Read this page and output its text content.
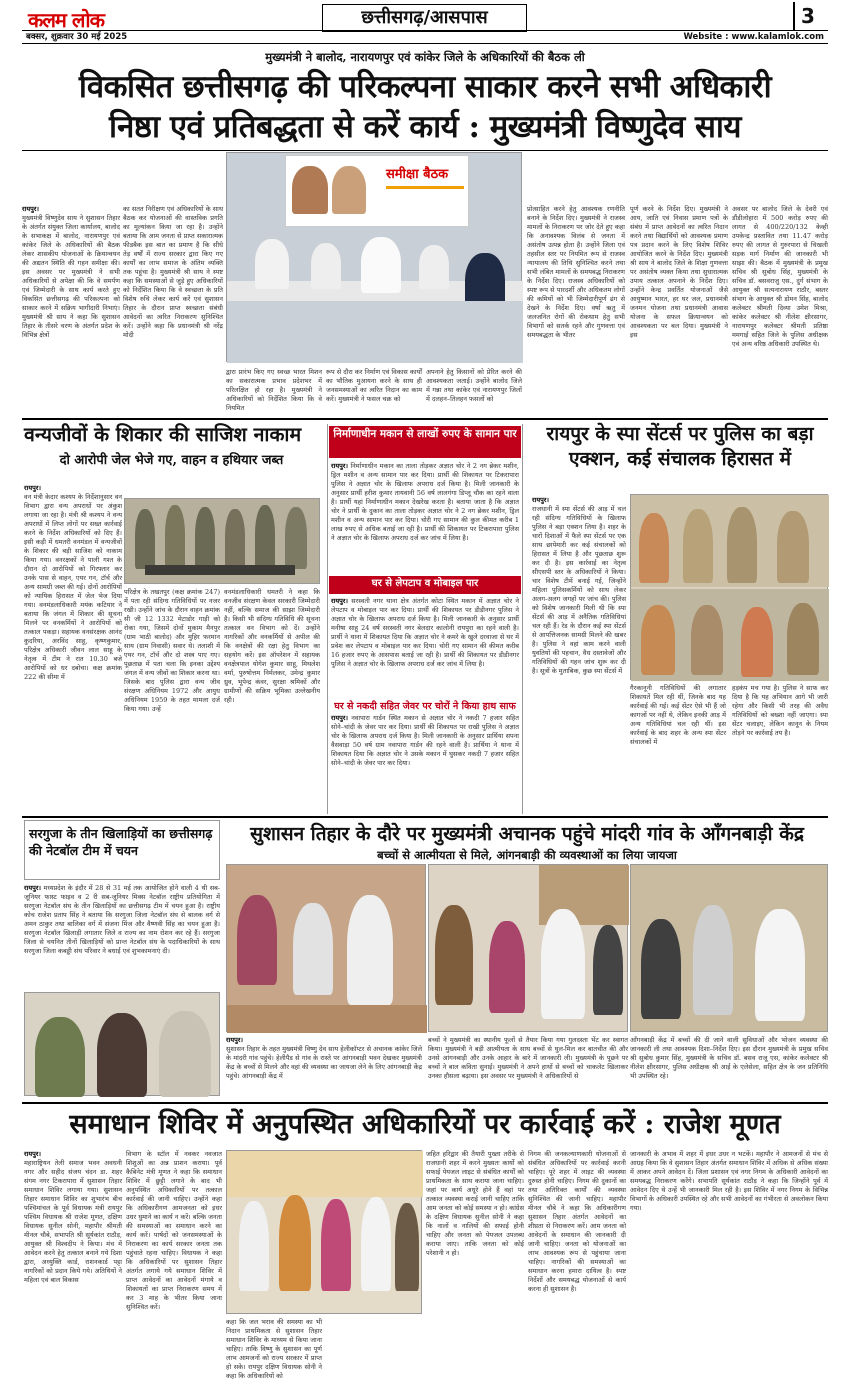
कलम लोक	छत्तीसगढ़/आसपास	3
बक्सर, शुक्रवार 30 मई 2025	Website : www.kalamlok.com
मुख्यमंत्री ने बालोद, नारायणपुर एवं कांकेर जिले के अधिकारियों की बैठक ली
विकसित छत्तीसगढ़ की परिकल्पना साकार करने सभी अधिकारी
निष्ठा एवं प्रतिबद्धता से करें कार्य : मुख्यमंत्री विष्णुदेव साय
रायपुर।
मुख्यमंत्री विष्णुदेव साय ने सुशासन तिहार के अंतर्गत संयुक्त जिला कार्यालय, बालोद के सभाकक्ष में बालोद, नारायणपुर एवं कांकेर जिले के अधिकारियों की बैठक लेकर शासकीय योजनाओं के क्रियान्वयन की अद्यतन स्थिति की गहन समीक्षा की। इस अवसर पर मुख्यमंत्री ने सभी अधिकारियों से अपेक्षा की कि वे समर्पण एवं जिम्मेदारी के साथ कार्य करते हुए विकसित छत्तीसगढ़ की परिकल्पना को साकार करने में सक्रिय भागीदारी निभाएं। मुख्यमंत्री श्री साय ने कहा कि सुशासन तिहार के तीसरे चरण के अंतर्गत प्रदेश के विभिन्न क्षेत्रों
का सतत निरीक्षण एवं अधिकारियों के साथ बैठक कर योजनाओं की वास्तविक प्रगति का मूल्यांकन किया जा रहा है। उन्होंने बताया कि आम जनता से प्राप्त सकारात्मक फीडबैक इस बात का प्रमाण है कि सीधे तेड़ वर्षों में राज्य सरकार द्वारा किए गए कार्यों का लाभ समाज के अंतिम व्यक्ति तक पहुंचा है। मुख्यमंत्री श्री साय ने स्पष्ट कहा कि समस्याओं से जुड़े हुए अधिकारियों को निर्देशित किया कि वे स्वच्छता के प्रति विशेष रुचि लेकर कार्य करें एवं सुशासन तिहार के दौरान प्राप्त स्वच्छता संबंधी आवेदनों का त्वरित निराकरण सुनिश्चित करें। उन्होंने कहा कि प्रधानमंत्री श्री नरेंद्र मोदी
समीक्षा बैठक
द्वारा प्रारंभ किए गए स्वच्छ भारत मिशन का सकारात्मक प्रभाव प्रदेशभर में परिलक्षित हो रहा है। मुख्यमंत्री ने अधिकारियों को निर्देशित किया कि वे नियमित
रूप से दौरा कर निर्माण एवं विकास कार्यों का भौतिक मुआयना करने के साथ ही जनसमस्याओं का त्वरित निदान का काम करें। मुख्यमंत्री ने फसल चक्र को
अपनाने हेतु किसानों को प्रेरित करने की आवश्यकता जताई। उन्होंने बालोद जिले में गन्ना तथा कांकेर एवं नारायणपुर जिलों में दलहन–तिलहन फसलों को
प्रोत्साहित करने हेतु आवश्यक रणनीति बनाने के निर्देश दिए। मुख्यमंत्री ने राजस्व मामलों के निराकरण पर जोर देते हुए कहा कि अनावश्यक विलंब से जनता में असंतोष उत्पन्न होता है। उन्होंने जिला एवं तहसील स्तर पर नियमित रूप से राजस्व न्यायालय की तिथि सुनिश्चित करने तथा सभी लंबित मामलों के समयबद्ध निराकरण के निर्देश दिए। राजस्व अधिकारियों को स्पष्ट रूप से पारदर्शी और अधिकतम लोगों की कमियों को भी जिम्मेदारीपूर्ण ढंग से देखने के निर्देश दिए। वर्षा ऋतु में जलजनित रोगों की रोकथाम हेतु सभी विभागों को सतर्क रहने और गुणवत्ता एवं समयबद्धता के भीतर
पूर्ण करने के निर्देश दिए। मुख्यमंत्री ने आय, जाति एवं निवास प्रमाण पत्रों के संबंध में प्राप्त आवेदनों का त्वरित निदान करने तथा विद्यार्थियों को आवश्यक प्रमाण पत्र प्रदान करने के लिए विशेष शिविर आयोजित करने के निर्देश दिए। मुख्यमंत्री श्री साय ने बालोद जिले के शिक्षा गुणवत्ता पर असंतोष व्यक्त किया तथा सुधारात्मक उपाय तत्काल अपनाने के निर्देश दिए। उन्होंने केन्द्र प्रवर्तित योजनाओं जैसे आयुष्मान भारत, हर घर जल, प्रधानमंत्री जनमन योजना तथा प्रधानमंत्री आवास योजना के सफल क्रियान्वयन को आवश्यकता पर बल दिया। मुख्यमंत्री ने इस
अवसर पर बालोद जिले के देवरी एवं डौंडीलोहारा में 500 करोड़ रुपए की लागत से 400/220/132 केव्ही उपकेन्द्र प्रस्तावित तथा 11.47 करोड़ रुपए की लागत से गुरुरपारा से चिखली सड़क मार्ग निर्माण की जानकारी भी साझा की। बैठक में मुख्यमंत्री के प्रमुख सचिव श्री सुबोध सिंह, मुख्यमंत्री के सचिव डॉ. बसवराजु एस., दुर्ग संभाग के आयुक्त श्री सत्यनारायण राठौर, बस्तर संभाग के आयुक्त श्री डोमन सिंह, बालोद कलेक्टर श्रीमती दिव्या उमेश मिश्रा, कांकेर कलेक्टर श्री नीलेश क्षीरसागर, नारायणपुर कलेक्टर श्रीमती प्रतिष्ठा ममगाई सहित जिले के पुलिस अधीक्षक एवं अन्य वरिष्ठ अधिकारी उपस्थित थे।
वन्यजीवों के शिकार की साजिश नाकाम
दो आरोपी जेल भेजे गए, वाहन व हथियार जब्त
रायपुर।
वन मंत्री केदार कश्यप के निर्देशानुसार वन विभाग द्वारा वन्य अपराधों पर अंकुश लगाया जा रहा है। मंत्री श्री कश्यप ने वन्य अपराधों में लिप्त लोगों पर सख्त कार्रवाई करने के निर्देश अधिकारियों को दिए हैं। इसी कड़ी में धमतरी वनमंडल में वन्यजीवों के शिकार की बड़ी साजिश को नाकाम किया गया। वनरक्षकों ने पाली गश्त के दौरान दो आरोपियों को गिरफ्तार कर उनके पास से वाहन, एयर गन, टॉर्च और अन्य सामग्री जब्त की गई। दोनों आरोपियों को न्यायिक हिरासत में जेल भेज दिया गया। वनमंडलाधिकारी मयंक कटियार ने बताया कि जंगल में शिकार की सूचना मिलने पर वनकर्मियों ने आरोपियों को तत्काल पकड़ा। सहायक वनसंरक्षक आनंद कुदरिया, अरविंद साहू, कृष्णकुमार, परिक्षेत्र अधिकारी जीवन लाल साहू के नेतृत्व में टीम ने रात 10.30 बजे आरोपियों को धर दबोचा। कक्ष क्रमांक 222 की सीमा में
परिक्षेत्र के तखतपुर (कक्ष क्रमांक 247) में पता रही संदिग्ध गतिविधियों पर नजर रखी। उन्होंने जांच के दौरान वाहन क्रमांक सी जी 12 1332 मेटाडोर गाड़ी को रोका गया, जिसमें दोनों मुकाम मैनपुर (ग्राम भाठी बालोद) और मुहिर फरमान साय (ग्राम निवासी) सवार थे। तलाशी में एयर गन, टॉर्च और दो शस्त्र पाए गए। पूछताछ में पता चला कि इनका उद्देश्य जंगल में वन्य जीवों का शिकार करना था। जिसके बाद पुलिस द्वारा वन्य जीव संरक्षण अधिनियम 1972 और आयुध अधिनियम 1959 के तहत मामला दर्ज किया गया। उन्हें
वनमंडलाधिकारी धमतरी ने कहा कि वनजीव संरक्षण केवल सरकारी जिम्मेदारी नहीं, बल्कि समाज की साझा जिम्मेदारी है। किसी भी संदिग्ध गतिविधि की सूचना तत्काल वन विभाग को दें। उन्होंने नागरिकों और वनकर्मियों से अपील की कि वनक्षेत्रों की रक्षा हेतु विभाग का सहयोग करें। इस ऑपरेशन में सहायक वनक्षेत्रपाल योगेश कुमार साहू, मिथलेश वर्मा, पुरुषोत्तम निर्मलकर, उमेन्द्र कुमार ध्रुव, भूपेन्द्र कंवर, सुरक्षा श्रमिकों और ग्रामीणों की सक्रिय भूमिका उल्लेखनीय रही।
निर्माणाधीन मकान से लाखों रुपए के सामान पार
रायपुर। निर्माणाधीन मकान का ताला तोड़कर अज्ञात चोर ने 2 नग ब्रेकर मशीन, ड्रिल मशीन व अन्य सामान पार कर दिया। प्रार्थी की शिकायत पर टिकरापारा पुलिस ने अज्ञात चोर के खिलाफ अपराध दर्ज किया है। मिली जानकारी के अनुसार प्रार्थी हरीश कुमार तायवानी 56 वर्ष लालगंगा डिप्लू चौक का रहने वाला है। प्रार्थी यहां निर्माणाधीन मकान देखरेख करता है। बताया जाता है कि अज्ञात चोर ने प्रार्थी के दुकान का ताला तोड़कर अज्ञात चोर ने 2 नग ब्रेकर मशीन, ड्रिल मशीन व अन्य सामान पार कर दिया। चोरी गए सामान की कुल कीमत करीब 1 लाख रुपए से अधिक बताई जा रही है। प्रार्थी की शिकायत पर टिकरापारा पुलिस ने अज्ञात चोर के खिलाफ अपराध दर्ज कर जांच में लिया है।
घर से लेपटाप व मोबाइल पार
रायपुर। सरस्वती नगर थाना क्षेत्र अंतर्गत कोटा स्थित मकान में अज्ञात चोर ने लेपटाप व मोबाइल पार कर दिया। प्रार्थी की शिकायत पर डीडीनगर पुलिस ने अज्ञात चोर के खिलाफ अपराध दर्ज किया है। मिली जानकारी के अनुसार प्रार्थी मनीषा साहू 24 वर्ष सरस्वती नगर बेलदार कालोनी रायपुरा का रहने वाली है। प्रार्थी ने थाना में शिकायत दिया कि अज्ञात चोर ने कमरे के खुले दरवाजा से घर में प्रवेश कर लेपटाप व मोबाइल पार कर दिया। चोरी गए सामान की कीमत करीब 16 हजार रुपए के आसपास बताई जा रही है। प्रार्थी की शिकायत पर डीडीनगर पुलिस ने अज्ञात चोर के खिलाफ अपराध दर्ज कर जांच में लिया है।
घर से नकदी सहित जेवर पर चोरों ने किया हाथ साफ
रायपुर। नवापारा गार्डन स्थित मकान से अज्ञात चोर ने नकदी 7 हजार सहित सोने–चांदी के जेवर पार कर दिया। प्रार्थी की शिकायत पर राखी पुलिस ने अज्ञात चोर के खिलाफ अपराध दर्ज किया है। मिली जानकारी के अनुसार प्रार्थिया सपना वैसवाड़ा 50 वर्ष ग्राम नवापारा गार्डन की रहने वाली है। प्रार्थिया ने थाना में शिकायत दिया कि अज्ञात चोर ने उसके मकान में घुसकर नकदी 7 हजार सहित सोने–चांदी के जेवर पार कर दिया।
रायपुर के स्पा सेंटर्स पर पुलिस का बड़ा एक्शन, कई संचालक हिरासत में
रायपुर।
राजधानी में स्पा सेंटर्स की आड़ में चल रही संदिग्ध गतिविधियों के खिलाफ पुलिस ने बड़ा एक्शन लिया है। शहर के चारों दिशाओं में फैले स्पा सेंटर्स पर एक साथ छापेमारी कर कई संचालकों को हिरासत में लिया है और पूछताछ शुरू कर दी है। इस कार्रवाई का नेतृत्व सीएसपी स्तर के अधिकारियों ने किया। चार विशेष टीमें बनाई गई, जिन्होंने महिला पुलिसकर्मियों को साथ लेकर अलग-अलग जगहों पर जांच की। पुलिस को विशेष जानकारी मिली थी कि स्पा सेंटर्स की आड़ में अनैतिक गतिविधियां चल रही हैं। रेड के दौरान कई स्पा सेंटर्स से आपत्तिजनक सामग्री मिलने की खबर है। पुलिस ने वहां काम करने वाली युवतियों की पहचान, वैध दस्तावेजों और गतिविधियों की गहन जांच शुरू कर दी है। सूत्रों के मुताबिक, कुछ स्पा सेंटर्स में
गैरकानूनी गतिविधियों की लगातार शिकायतें मिल रही थीं, जिनके बाद यह कार्रवाई की गई। कई सेंटर ऐसे भी हैं जो कागजों पर नहीं थे, लेकिन इनकी आड़ में अन्य गतिविधियां चल रही थीं। इस कार्रवाई के बाद शहर के अन्य स्पा सेंटर संचालकों में
हड़कंप मच गया है। पुलिस ने साफ कर दिया है कि यह अभियान आगे भी जारी रहेगा और किसी भी तरह की अवैध गतिविधियों को बख्शा नहीं जाएगा। स्पा सेंटर चलाइए, लेकिन कानून के नियम तोड़ने पर कार्रवाई तय है।
सरगुजा के तीन खिलाड़ियों का छत्तीसगढ़ की नेटबॉल टीम में चयन
रायपुर। मध्यप्रदेश के इंदौर में 28 से 31 मई तक आयोजित होने वाली 4 थी सब-जूनियर फास्ट फाइव व 2 री सब-जूनियर मिक्स नेटबॉल राष्ट्रीय प्रतियोगिता में सरगुजा नेटबॉल संघ के तीन खिलाड़ियों का छत्तीसगढ़ टीम में चयन हुआ है। राष्ट्रीय कोच राजेश प्रताप सिंह ने बताया कि सरगुजा जिला नेटबॉल संघ से बालक वर्ग से अमन ठाकुर तथा बालिका वर्ग में संजना मिंज और वैष्णवी सिंह का चयन हुआ है। सरगुजा नेटबॉल खिलाड़ी लगातार जिले व राज्य का नाम रोशन कर रहे हैं। सरगुजा जिला से चयनित तीनों खिलाड़ियों को प्रान्त नेटबॉल संघ के पदाधिकारियों के साथ सरगुजा जिला कबड्डी संघ परिवार ने बधाई एवं शुभकामनाएं दी।
सुशासन तिहार के दौरे पर मुख्यमंत्री अचानक पहुंचे मांदरी गांव के आँगनबाड़ी केंद्र
बच्चों से आत्मीयता से मिले, आंगनबाड़ी की व्यवस्थाओं का लिया जायजा
रायपुर।
सुशासन तिहार के तहत मुख्यमंत्री विष्णु देव साय हेलीकॉप्टर से अचानक कांकेर जिले के मांदरी गांव पहुंचे। हेलीपैड से गांव के रास्ते पर आंगनबाड़ी भवन देखकर मुख्यमंत्री केंद्र के बच्चों से मिलने और वहां की व्यवस्था का जायजा लेने के लिए आंगनबाड़ी केंद्र पहुंचे। आंगनबाड़ी केंद्र में
बच्चों ने मुख्यमंत्री का स्थानीय फूलों से तैयार किया गया गुलदस्ता भेंट कर स्वागत किया। मुख्यमंत्री ने बड़ी आत्मीयता के साथ बच्चों से घुल-मिल कर बातचीत की और उनसे आंगनबाड़ी और उनके आहार के बारे में जानकारी ली। मुख्यमंत्री के पूछने पर बच्चों ने बाल कविता सुनाई। मुख्यमंत्री ने अपने हाथों से बच्चों को चाकलेट खिलाकर उनका हौसला बढ़ाया। इस अवसर पर मुख्यमंत्री ने अधिकारियों से
आँगनबाड़ी केंद्र में बच्चों की दी जाने वाली सुविधाओं और भोजन व्यवस्था की जानकारी ली तथा आवश्यक दिशा–निर्देश दिए। इस दौरान मुख्यमंत्री के प्रमुख सचिव श्री सुबोध कुमार सिंह, मुख्यमंत्री के सचिव डॉ. बसव राजू एस, कांकेर कलेक्टर श्री नीलेश क्षीरसागर, पुलिस अधीक्षक श्री आई के एलेसेला, सहित क्षेत्र के जन प्रतिनिधि भी उपस्थित रहे।
समाधान शिविर में अनुपस्थित अधिकारियों पर कार्रवाई करें : राजेश मूणत
रायपुर।
महाराष्ट्रियन तेली समाज भवन अवधनी नगर और सहीद संजय चंदन डा. शहर संगम नगर टिकरापारा में सुशासन तिहार समाधान शिविर लगाया गया। सुशासन तिहार समाधान शिविर का शुभारंभ बीच पश्चिमांचल के पूर्व विधायक मंत्री रायपुर पश्चिम विधायक श्री राजेश मूणत, दक्षिण विधायक सुनील सोनी, महापौर श्रीमती मीनल चौबे, सभापति श्री सूर्यकांत राठौड़, आयुक्त श्री विश्वदीप ने किया। मंच में आवेदन करने हेतु तत्काल बनाने गये दिशा द्वारा, अध्युक्ति कार्ड, राशनकार्ड पट्टा नागरिकों को प्रदान किये गये। अतिथियों ने महिला एवं बाल विकास
विभाग के स्टॉल में नवकर नवजात शिशुओं का अन्न प्राशन कराया। पूर्व कैबिनेट मंत्री मूणत ने कहा कि समाधान शिविर में छुट्टी लगाने के बाद भी अनुपस्थित अधिकारियों पर तत्काल कार्रवाई की जानी चाहिए। उन्होंने कहा कि अधिकारीगण आमजनता को इधर उधर घुमाने का कार्य न करें। बल्कि जनता की समस्याओं का समाधान करने का कार्य करें। पार्षदों को जनसमस्याओं के निराकरण का कार्य सरकार जनता तक पहुंचाते रहना चाहिए। विधायक ने कहा कि अधिकारियों पर सुशासन तिहार अंतर्गत लगाये गये समाधान शिविर में प्राप्त आवेदनों का आवेदनों मंगाये व शिकायतों का प्राप्त निराकरण समय में कर 3 माह के भीतर किया जाना सुनिश्चित करें।
कहा कि जल भराव की समस्या का भी निदान प्राथमिकता से सुशासन तिहार समाधान शिविर के माध्यम से किया जाना चाहिए। ताकि विष्णु के सुशासन का पूर्ण लाभ आमजनों को राज्य सरकार में प्राप्त हो सके। रायपुर दक्षिण विधायक सोनी ने कहा कि अधिकारियों को
जहित हरिद्वार की तैयारी पुख्ता तरीके से राजधानी शहर में करने मुख्यतः कार्यो को सफाई पेयजल लाइट से संबंधित कार्यों को प्राथमिकता के साथ कराया जाना चाहिए। जहां पर कार्य अधूरे होने हैं वहां पर तत्काल व्यवस्था कराई जानी चाहिए ताकि आम जनता को कोई समस्या न हो। कांग्रेस के दक्षिण विधायक सुनील सोनी ने कहा कि नालों व नालियों की सफाई होनी चाहिए और जनता को पेयजल उपलब्ध कराया जाए। ताकि जनता को कोई परेशानी न हो।
निगम की जनकल्याणकारी योजनाओं से संबंधित अधिकारियों पर कार्रवाई करनी चाहिए। पूरे शहर में लाइट की व्यवस्था दुरुस्त होनी चाहिए। निगम की दुकानों का तथा अतिरिक्त कार्यों की व्यवस्था सुनिश्चित की जानी चाहिए। महापौर मीनल चौबे ने कहा कि अधिकारीगण सुशासन तिहार अंतर्गत आवेदनों का शीघ्रता से निराकरण करें। आम जनता को आवेदनों के समाधान की जानकारी दी जानी चाहिए। जनता को योजनाओं का लाभ आवश्यक रूप से पहुंचाया जाना चाहिए। नागरिकों की समस्याओं का समाधान करना हमारा दायित्व है। स्पष्ट निर्देशों और समयबद्ध योजनाओं से कार्य करना ही सुशासन है।
जानकारी के अभाव में शहर में इधर उधर न भटकें। महापौर ने आमजनों से मंच से आग्रह किया कि वे सुशासन तिहार अंतर्गत समाधान शिविर में अधिक से अधिक संख्या में आकर अपने आवेदन दें। जिला प्रशासन एवं नगर निगम के अधिकारी आवेदनों का समयबद्ध निराकरण करेंगे। सभापति सूर्यकांत राठौड़ ने कहा कि जिन्होंने पूर्व में आवेदन दिए थे उन्हें भी जानकारी मिल रही है। इस शिविर में नगर निगम के विभिन्न विभागों के अधिकारी उपस्थित रहे और सभी आवेदनों का गंभीरता से अवलोकन किया गया।
